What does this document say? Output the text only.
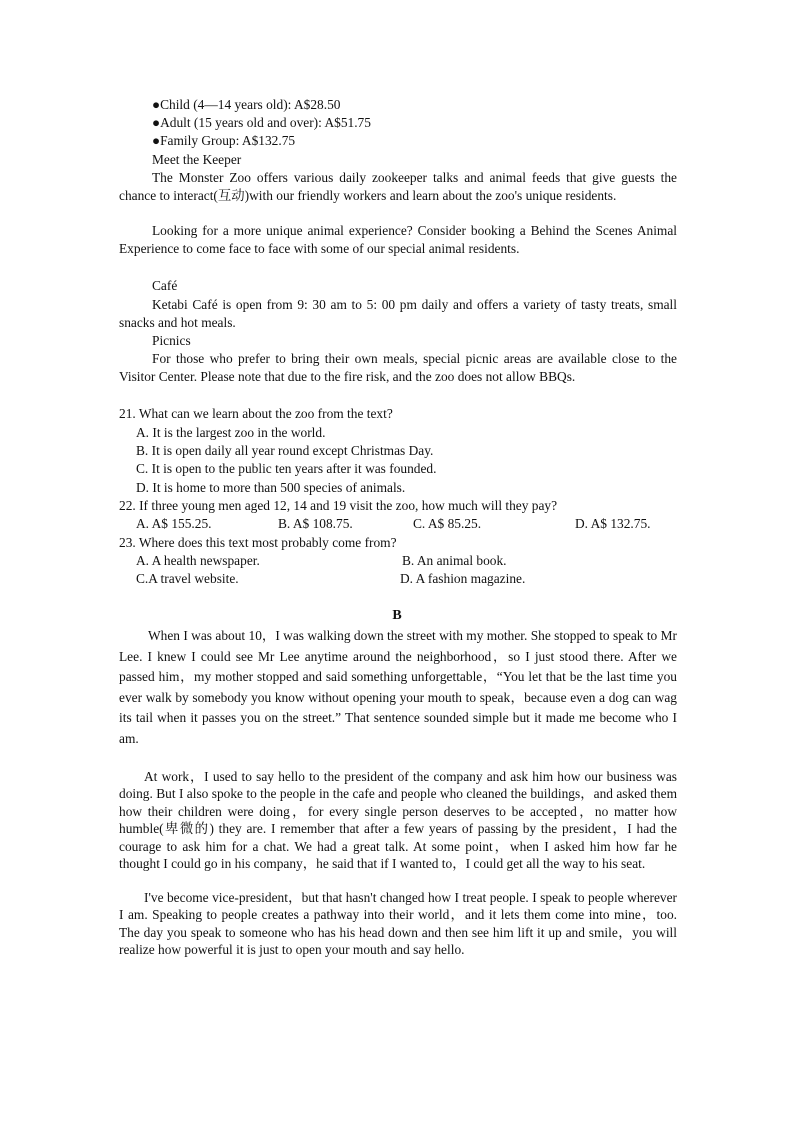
●Child (4—14 years old): A$28.50
●Adult (15 years old and over): A$51.75
●Family Group: A$132.75
Meet the Keeper

The Monster Zoo offers various daily zookeeper talks and animal feeds that give guests the chance to interact(互动)with our friendly workers and learn about the zoo's unique residents.

Looking for a more unique animal experience? Consider booking a Behind the Scenes Animal Experience to come face to face with some of our special animal residents.

Café

Ketabi Café is open from 9: 30 am to 5: 00 pm daily and offers a variety of tasty treats, small snacks and hot meals.

Picnics

For those who prefer to bring their own meals, special picnic areas are available close to the Visitor Center. Please note that due to the fire risk, and the zoo does not allow BBQs.

21. What can we learn about the zoo from the text?
A. It is the largest zoo in the world.
B. It is open daily all year round except Christmas Day.
C. It is open to the public ten years after it was founded.
D. It is home to more than 500 species of animals.
22. If three young men aged 12, 14 and 19 visit the zoo, how much will they pay?
A. A$ 155.25.	B. A$ 108.75.	C. A$ 85.25.	D. A$ 132.75.
23. Where does this text most probably come from?
A. A health newspaper.	B. An animal book.
C.A travel website.	D. A fashion magazine.
B

When I was about 10，I was walking down the street with my mother. She stopped to speak to Mr Lee. I knew I could see Mr Lee anytime around the neighborhood，so I just stood there. After we passed him，my mother stopped and said something unforgettable，“You let that be the last time you ever walk by somebody you know without opening your mouth to speak，because even a dog can wag its tail when it passes you on the street.” That sentence sounded simple but it made me become who I am.

At work，I used to say hello to the president of the company and ask him how our business was doing. But I also spoke to the people in the cafe and people who cleaned the buildings，and asked them how their children were doing，for every single person deserves to be accepted，no matter how humble(卑微的) they are. I remember that after a few years of passing by the president，I had the courage to ask him for a chat. We had a great talk. At some point，when I asked him how far he thought I could go in his company，he said that if I wanted to，I could get all the way to his seat.

I've become vice-president，but that hasn't changed how I treat people. I speak to people wherever I am. Speaking to people creates a pathway into their world，and it lets them come into mine，too. The day you speak to someone who has his head down and then see him lift it up and smile，you will realize how powerful it is just to open your mouth and say hello.
